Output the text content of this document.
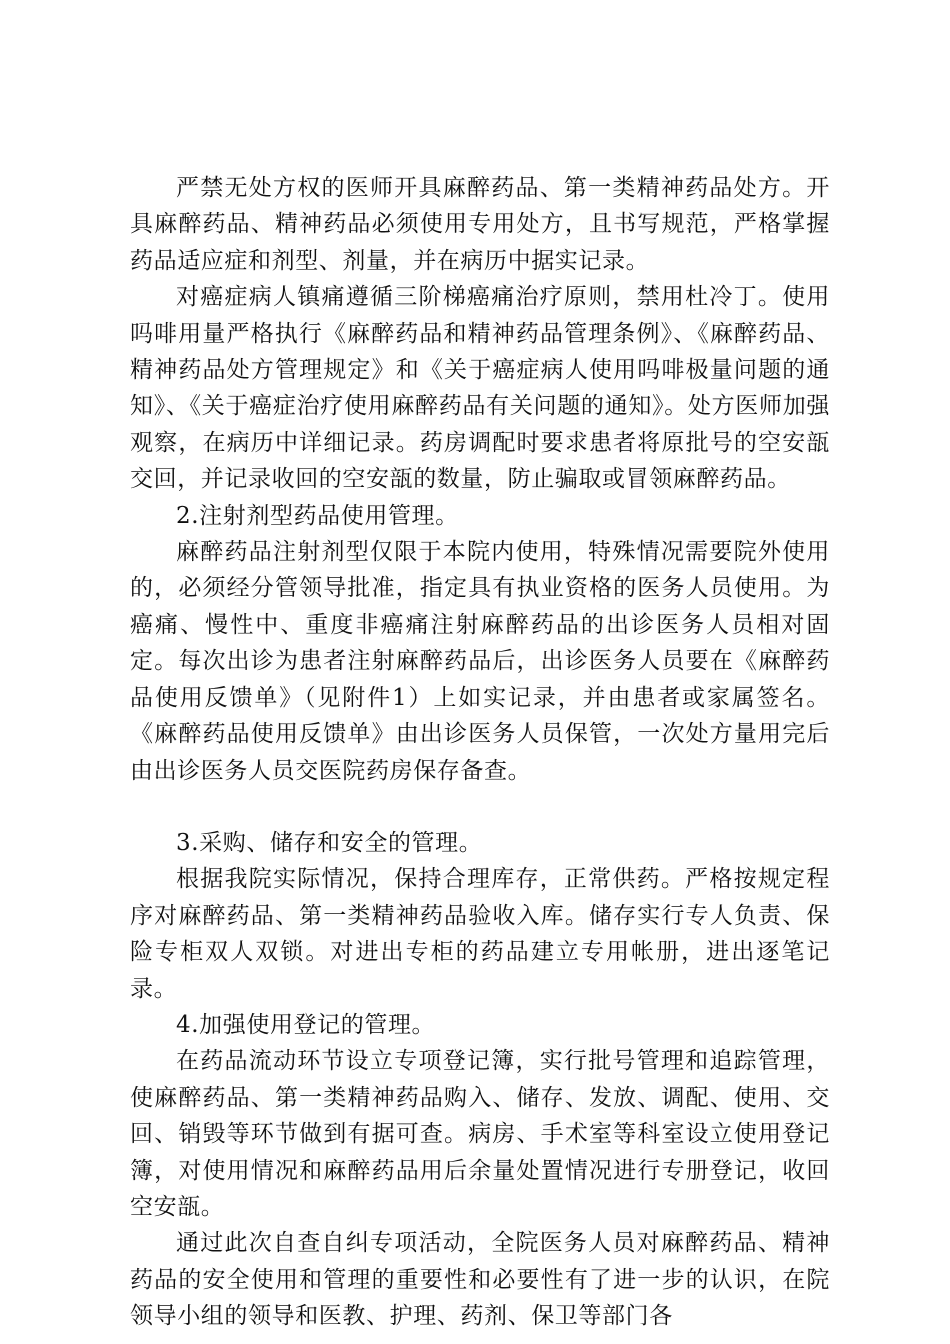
严禁无处方权的医师开具麻醉药品、第一类精神药品处方。开具麻醉药品、精神药品必须使用专用处方，且书写规范，严格掌握药品适应症和剂型、剂量，并在病历中据实记录。

对癌症病人镇痛遵循三阶梯癌痛治疗原则，禁用杜冷丁。使用吗啡用量严格执行《麻醉药品和精神药品管理条例》、《麻醉药品、精神药品处方管理规定》和《关于癌症病人使用吗啡极量问题的通知》、《关于癌症治疗使用麻醉药品有关问题的通知》。处方医师加强观察，在病历中详细记录。药房调配时要求患者将原批号的空安瓿交回，并记录收回的空安瓿的数量，防止骗取或冒领麻醉药品。

2.注射剂型药品使用管理。

麻醉药品注射剂型仅限于本院内使用，特殊情况需要院外使用的，必须经分管领导批准，指定具有执业资格的医务人员使用。为癌痛、慢性中、重度非癌痛注射麻醉药品的出诊医务人员相对固定。每次出诊为患者注射麻醉药品后，出诊医务人员要在《麻醉药品使用反馈单》（见附件1）上如实记录，并由患者或家属签名。《麻醉药品使用反馈单》由出诊医务人员保管，一次处方量用完后由出诊医务人员交医院药房保存备查。

3.采购、储存和安全的管理。

根据我院实际情况，保持合理库存，正常供药。严格按规定程序对麻醉药品、第一类精神药品验收入库。储存实行专人负责、保险专柜双人双锁。对进出专柜的药品建立专用帐册，进出逐笔记录。

4.加强使用登记的管理。

在药品流动环节设立专项登记簿，实行批号管理和追踪管理，使麻醉药品、第一类精神药品购入、储存、发放、调配、使用、交回、销毁等环节做到有据可查。病房、手术室等科室设立使用登记簿，对使用情况和麻醉药品用后余量处置情况进行专册登记，收回空安瓿。

通过此次自查自纠专项活动，全院医务人员对麻醉药品、精神药品的安全使用和管理的重要性和必要性有了进一步的认识，在院领导小组的领导和医教、护理、药剂、保卫等部门各
